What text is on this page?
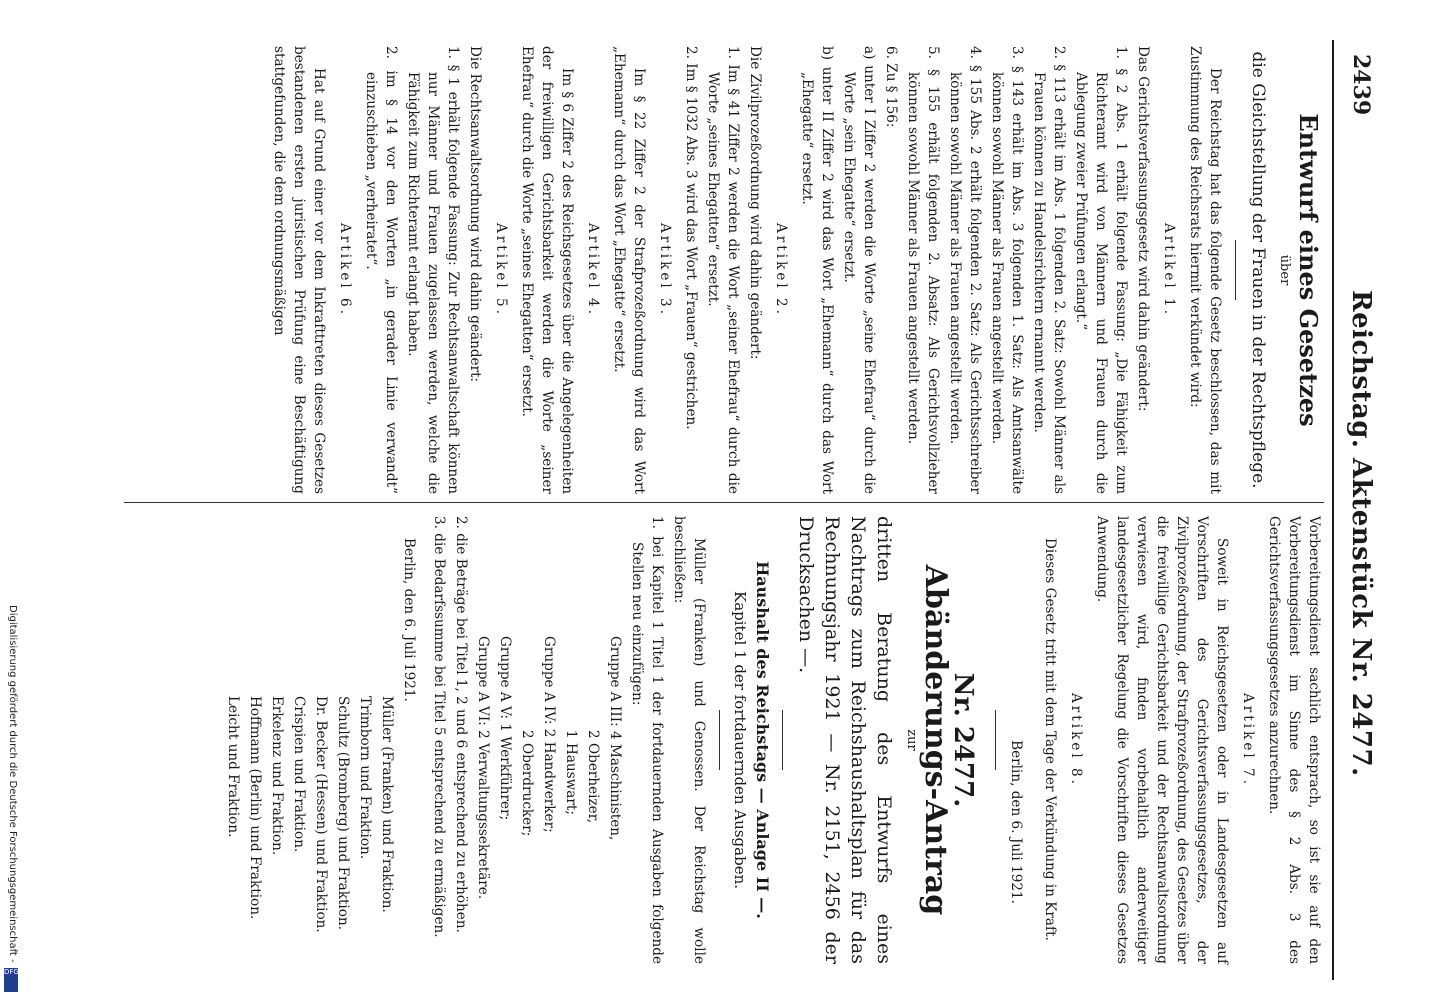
2439
Reichstag. Aktenstück Nr. 2477.

Entwurf eines Gesetzes

über

die Gleichstellung der Frauen in der Rechtspflege.

Der Reichstag hat das folgende Gesetz beschlossen, das mit Zustimmung des Reichsrats hiermit verkündet wird:

Artikel 1.

Das Gerichtsverfassungsgesetz wird dahin geändert:

1. § 2 Abs. 1 erhält folgende Fassung: „Die Fähigkeit zum Richteramt wird von Männern und Frauen durch die Ablegung zweier Prüfungen erlangt.“

2. § 113 erhält im Abs. 1 folgenden 2. Satz: Sowohl Männer als Frauen können zu Handelsrichtern ernannt werden.

3. § 143 erhält im Abs. 3 folgenden 1. Satz: Als Amtsanwälte können sowohl Männer als Frauen angestellt werden.

4. § 155 Abs. 2 erhält folgenden 2. Satz: Als Gerichtsschreiber können sowohl Männer als Frauen angestellt werden.

5. § 155 erhält folgenden 2. Absatz: Als Gerichtsvollzieher können sowohl Männer als Frauen angestellt werden.

6. Zu § 156:

a) unter I Ziffer 2 werden die Worte „seine Ehefrau“ durch die Worte „sein Ehegatte“ ersetzt.

b) unter II Ziffer 2 wird das Wort „Ehemann“ durch das Wort „Ehegatte“ ersetzt.

Artikel 2.

Die Zivilprozeßordnung wird dahin geändert:

1. Im § 41 Ziffer 2 werden die Wort „seiner Ehefrau“ durch die Worte „seines Ehegatten“ ersetzt.

2. Im § 1032 Abs. 3 wird das Wort „Frauen“ gestrichen.

Artikel 3.

Im § 22 Ziffer 2 der Strafprozeßordnung wird das Wort „Ehemann“ durch das Wort „Ehegatte“ ersetzt.

Artikel 4.

Im § 6 Ziffer 2 des Reichsgesetzes über die Angelegenheiten der freiwilligen Gerichtsbarkeit werden die Worte „seiner Ehefrau“ durch die Worte „seines Ehegatten“ ersetzt.

Artikel 5.

Die Rechtsanwaltsordnung wird dahin geändert:

1. § 1 erhält folgende Fassung: Zur Rechtsanwaltschaft können nur Männer und Frauen zugelassen werden, welche die Fähigkeit zum Richteramt erlangt haben.

2. im § 14 vor den Worten „in gerader Linie verwandt“ einzuschieben „verheiratet“.

Artikel 6.

Hat auf Grund einer vor dem Inkrafttreten dieses Gesetzes bestandenen ersten juristischen Prüfung eine Beschäftigung stattgefunden, die dem ordnungsmäßigen

Vorbereitungsdienst sachlich entsprach, so ist sie auf den Vorbereitungsdienst im Sinne des § 2 Abs. 3 des Gerichtsverfassungsgesetzes anzurechnen.

Artikel 7.

Soweit in Reichsgesetzen oder in Landesgesetzen auf Vorschriften des Gerichtsverfassungsgesetzes, der Zivilprozeßordnung, der Strafprozeßordnung, des Gesetzes über die freiwillige Gerichtsbarkeit und der Rechtsanwaltsordnung verwiesen wird, finden vorbehaltlich anderweitiger landesgesetzlicher Regelung die Vorschriften dieses Gesetzes Anwendung.

Artikel 8.

Dieses Gesetz tritt mit dem Tage der Verkündung in Kraft.

Berlin, den 6. Juli 1921.

Nr. 2477.

Abänderungs-Antrag

zur

dritten Beratung des Entwurfs eines Nachtrags zum Reichshaushaltsplan für das Rechnungsjahr 1921 — Nr. 2151, 2456 der Drucksachen —.

Haushalt des Reichstags — Anlage II —.

Kapitel 1 der fortdauernden Ausgaben.

Müller (Franken) und Genossen. Der Reichstag wolle beschließen:

1. bei Kapitel 1 Titel 1 der fortdauernden Ausgaben folgende Stellen neu einzufügen:

Gruppe A III: 4 Maschinisten,

2 Oberheizer,

1 Hauswart;

Gruppe A IV: 2 Handwerker;

2 Oberdrucker;

Gruppe A V: 1 Werkführer;

Gruppe A VI: 2 Verwaltungssekretäre.

2. die Beträge bei Titel 1, 2 und 6 entsprechend zu erhöhen.

3. die Bedarfssumme bei Titel 5 entsprechend zu ermäßigen.

Berlin, den 6. Juli 1921.

Müller (Franken) und Fraktion.

Trimborn und Fraktion.

Schultz (Bromberg) und Fraktion.

Dr. Becker (Hessen) und Fraktion.

Crispien und Fraktion.

Erkelenz und Fraktion.

Hoffmann (Berlin) und Fraktion.

Leicht und Fraktion.

Digitalisierung gefördert durch die Deutsche Forschungsgemeinschaft -
DFG
